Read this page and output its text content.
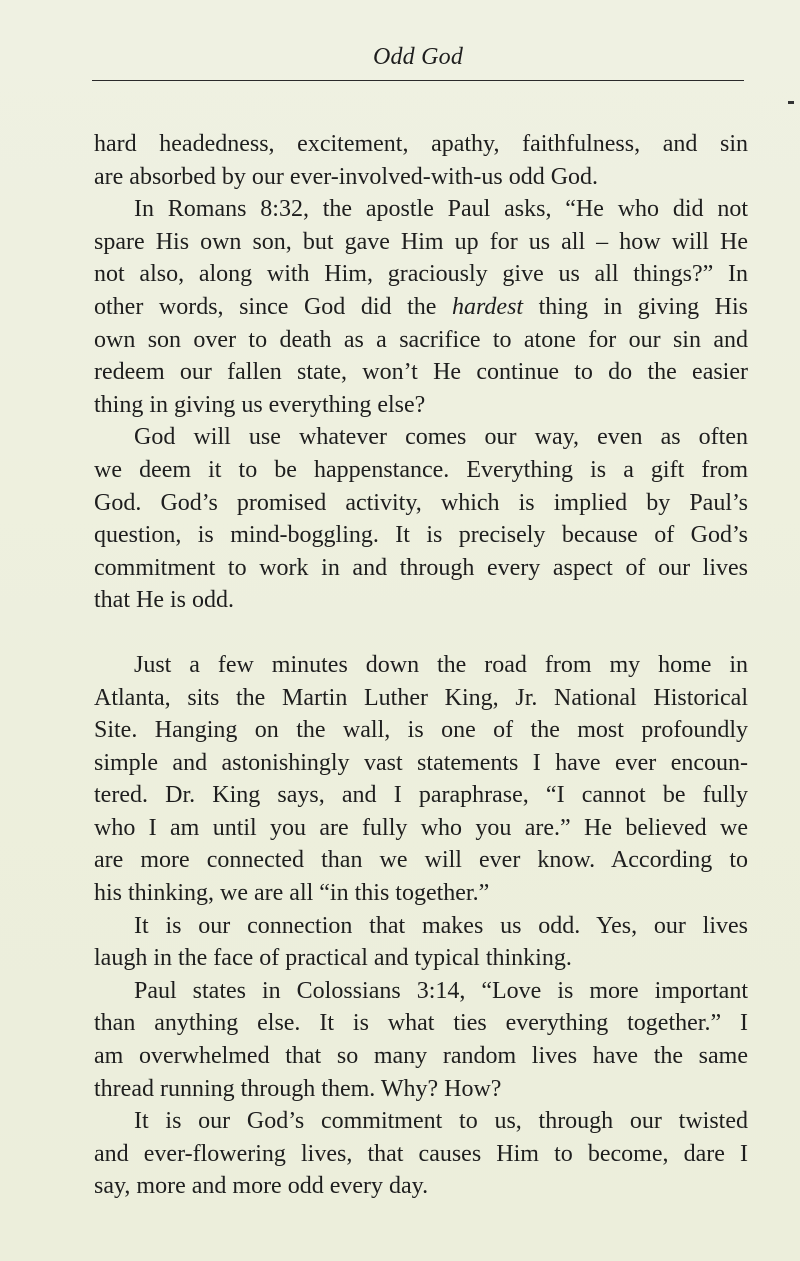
Odd God

hard headedness, excitement, apathy, faithfulness, and sin

are absorbed by our ever-involved-with-us odd God.

In Romans 8:32, the apostle Paul asks, “He who did not

spare His own son, but gave Him up for us all – how will He

not also, along with Him, graciously give us all things?” In

other words, since God did the hardest thing in giving His

own son over to death as a sacrifice to atone for our sin and

redeem our fallen state, won’t He continue to do the easier

thing in giving us everything else?

God will use whatever comes our way, even as often

we deem it to be happenstance. Everything is a gift from

God. God’s promised activity, which is implied by Paul’s

question, is mind-boggling. It is precisely because of God’s

commitment to work in and through every aspect of our lives

that He is odd.

Just a few minutes down the road from my home in

Atlanta, sits the Martin Luther King, Jr. National Historical

Site. Hanging on the wall, is one of the most profoundly

simple and astonishingly vast statements I have ever encoun-

tered. Dr. King says, and I paraphrase, “I cannot be fully

who I am until you are fully who you are.” He believed we

are more connected than we will ever know. According to

his thinking, we are all “in this together.”

It is our connection that makes us odd. Yes, our lives

laugh in the face of practical and typical thinking.

Paul states in Colossians 3:14, “Love is more important

than anything else. It is what ties everything together.” I

am overwhelmed that so many random lives have the same

thread running through them. Why? How?

It is our God’s commitment to us, through our twisted

and ever-flowering lives, that causes Him to become, dare I

say, more and more odd every day.
